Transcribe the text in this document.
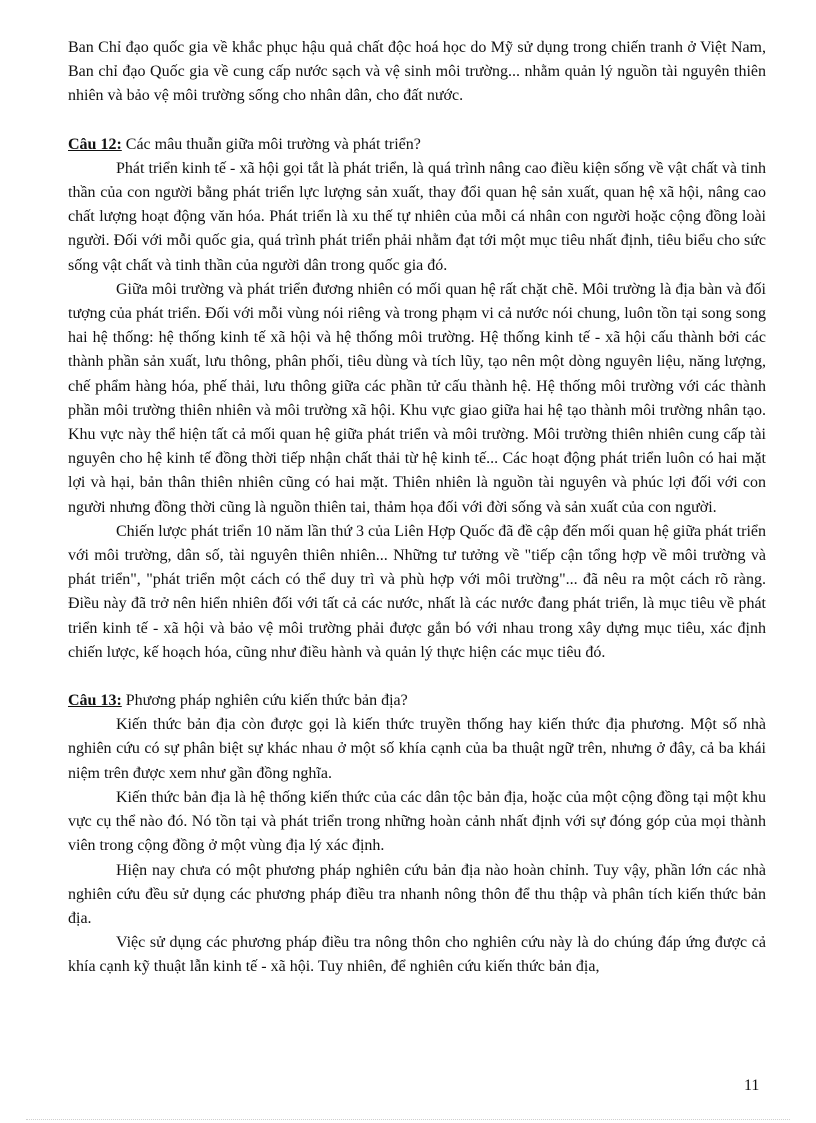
Ban Chỉ đạo quốc gia về khắc phục hậu quả chất độc hoá học do Mỹ sử dụng trong chiến tranh ở Việt Nam, Ban chỉ đạo Quốc gia về cung cấp nước sạch và vệ sinh môi trường... nhằm quản lý nguồn tài nguyên thiên nhiên và bảo vệ môi trường sống cho nhân dân, cho đất nước.

Câu 12: Các mâu thuẫn giữa môi trường và phát triển?

Phát triển kinh tế - xã hội gọi tắt là phát triển, là quá trình nâng cao điều kiện sống về vật chất và tinh thần của con người bằng phát triển lực lượng sản xuất, thay đổi quan hệ sản xuất, quan hệ xã hội, nâng cao chất lượng hoạt động văn hóa. Phát triển là xu thế tự nhiên của mỗi cá nhân con người hoặc cộng đồng loài người. Đối với mỗi quốc gia, quá trình phát triển phải nhằm đạt tới một mục tiêu nhất định, tiêu biểu cho sức sống vật chất và tinh thần của người dân trong quốc gia đó.

Giữa môi trường và phát triển đương nhiên có mối quan hệ rất chặt chẽ. Môi trường là địa bàn và đối tượng của phát triển. Đối với mỗi vùng nói riêng và trong phạm vi cả nước nói chung, luôn tồn tại song song hai hệ thống: hệ thống kinh tế xã hội và hệ thống môi trường. Hệ thống kinh tế - xã hội cấu thành bởi các thành phần sản xuất, lưu thông, phân phối, tiêu dùng và tích lũy, tạo nên một dòng nguyên liệu, năng lượng, chế phẩm hàng hóa, phế thải, lưu thông giữa các phần tử cấu thành hệ. Hệ thống môi trường với các thành phần môi trường thiên nhiên và môi trường xã hội. Khu vực giao giữa hai hệ tạo thành môi trường nhân tạo. Khu vực này thể hiện tất cả mối quan hệ giữa phát triển và môi trường. Môi trường thiên nhiên cung cấp tài nguyên cho hệ kinh tế đồng thời tiếp nhận chất thải từ hệ kinh tế... Các hoạt động phát triển luôn có hai mặt lợi và hại, bản thân thiên nhiên cũng có hai mặt. Thiên nhiên là nguồn tài nguyên và phúc lợi đối với con người nhưng đồng thời cũng là nguồn thiên tai, thảm họa đối với đời sống và sản xuất của con người.

Chiến lược phát triển 10 năm lần thứ 3 của Liên Hợp Quốc đã đề cập đến mối quan hệ giữa phát triển với môi trường, dân số, tài nguyên thiên nhiên... Những tư tưởng về "tiếp cận tổng hợp về môi trường và phát triển", "phát triển một cách có thể duy trì và phù hợp với môi trường"... đã nêu ra một cách rõ ràng. Điều này đã trở nên hiển nhiên đối với tất cả các nước, nhất là các nước đang phát triển, là mục tiêu về phát triển kinh tế - xã hội và bảo vệ môi trường phải được gắn bó với nhau trong xây dựng mục tiêu, xác định chiến lược, kế hoạch hóa, cũng như điều hành và quản lý thực hiện các mục tiêu đó.

Câu 13: Phương pháp nghiên cứu kiến thức bản địa?

Kiến thức bản địa còn được gọi là kiến thức truyền thống hay kiến thức địa phương. Một số nhà nghiên cứu có sự phân biệt sự khác nhau ở một số khía cạnh của ba thuật ngữ trên, nhưng ở đây, cả ba khái niệm trên được xem như gần đồng nghĩa.

Kiến thức bản địa là hệ thống kiến thức của các dân tộc bản địa, hoặc của một cộng đồng tại một khu vực cụ thể nào đó. Nó tồn tại và phát triển trong những hoàn cảnh nhất định với sự đóng góp của mọi thành viên trong cộng đồng ở một vùng địa lý xác định.

Hiện nay chưa có một phương pháp nghiên cứu bản địa nào hoàn chỉnh. Tuy vậy, phần lớn các nhà nghiên cứu đều sử dụng các phương pháp điều tra nhanh nông thôn để thu thập và phân tích kiến thức bản địa.

Việc sử dụng các phương pháp điều tra nông thôn cho nghiên cứu này là do chúng đáp ứng được cả khía cạnh kỹ thuật lẫn kinh tế - xã hội. Tuy nhiên, để nghiên cứu kiến thức bản địa,

11
